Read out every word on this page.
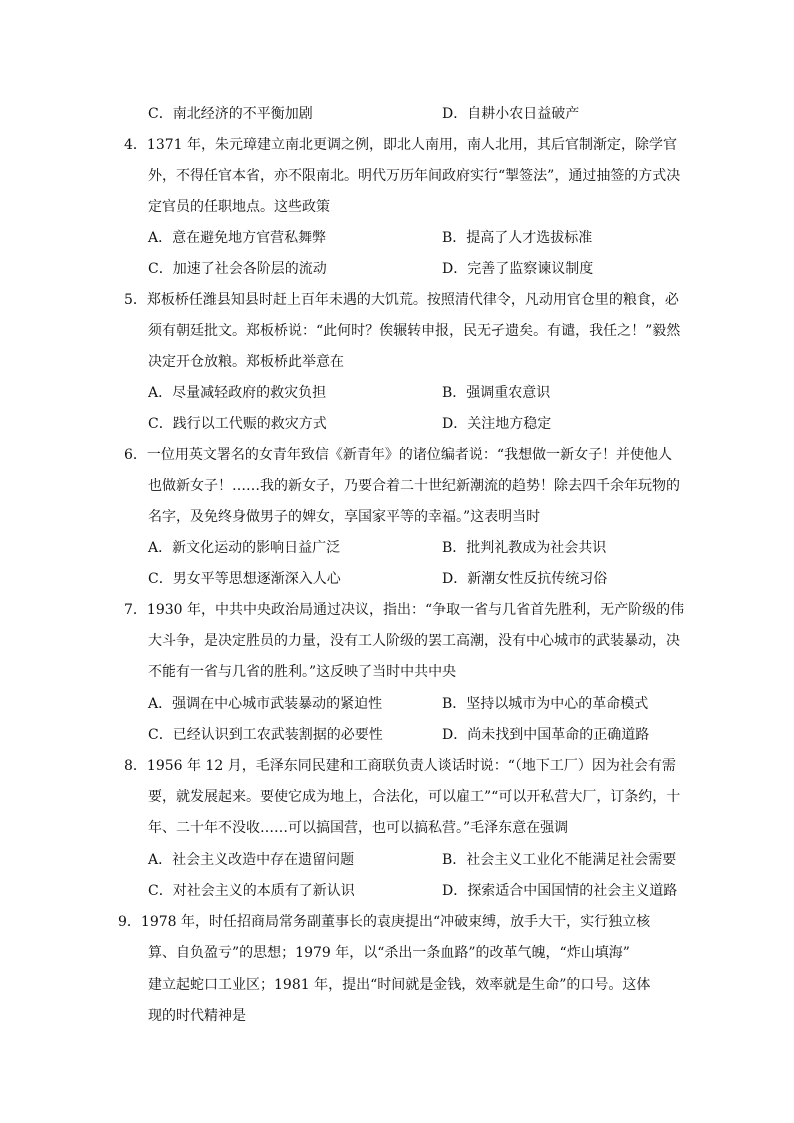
C．南北经济的不平衡加剧	D．自耕小农日益破产
4．1371 年，朱元璋建立南北更调之例，即北人南用，南人北用，其后官制渐定，除学官
外，不得任官本省，亦不限南北。明代万历年间政府实行“掣签法”，通过抽签的方式决
定官员的任职地点。这些政策
A．意在避免地方官营私舞弊	B．提高了人才选拔标准
C．加速了社会各阶层的流动	D．完善了监察谏议制度
5．郑板桥任潍县知县时赶上百年未遇的大饥荒。按照清代律令，凡动用官仓里的粮食，必
须有朝廷批文。郑板桥说：“此何时？俟辗转申报，民无孑遗矣。有谴，我任之！”毅然
决定开仓放粮。郑板桥此举意在
A．尽量减轻政府的救灾负担	B．强调重农意识
C．践行以工代赈的救灾方式	D．关注地方稳定
6．一位用英文署名的女青年致信《新青年》的诸位编者说：“我想做一新女子！并使他人
也做新女子！……我的新女子，乃要合着二十世纪新潮流的趋势！除去四千余年玩物的
名字，及免终身做男子的婢女，享国家平等的幸福。”这表明当时
A．新文化运动的影响日益广泛	B．批判礼教成为社会共识
C．男女平等思想逐渐深入人心	D．新潮女性反抗传统习俗
7．1930 年，中共中央政治局通过决议，指出：“争取一省与几省首先胜利，无产阶级的伟
大斗争，是决定胜员的力量，没有工人阶级的罢工高潮，没有中心城市的武装暴动，决
不能有一省与几省的胜利。”这反映了当时中共中央
A．强调在中心城市武装暴动的紧迫性	B．坚持以城市为中心的革命模式
C．已经认识到工农武装割据的必要性	D．尚未找到中国革命的正确道路
8．1956 年 12 月，毛泽东同民建和工商联负责人谈话时说：“（地下工厂）因为社会有需
要，就发展起来。要使它成为地上，合法化，可以雇工”“可以开私营大厂，订条约，十
年、二十年不没收……可以搞国营，也可以搞私营。”毛泽东意在强调
A．社会主义改造中存在遗留问题	B．社会主义工业化不能满足社会需要
C．对社会主义的本质有了新认识	D．探索适合中国国情的社会主义道路
9．1978 年，时任招商局常务副董事长的袁庚提出“冲破束缚，放手大干，实行独立核
算、自负盈亏”的思想；1979 年，以“杀出一条血路”的改革气魄，“炸山填海”
建立起蛇口工业区；1981 年，提出“时间就是金钱，效率就是生命”的口号。这体
现的时代精神是
